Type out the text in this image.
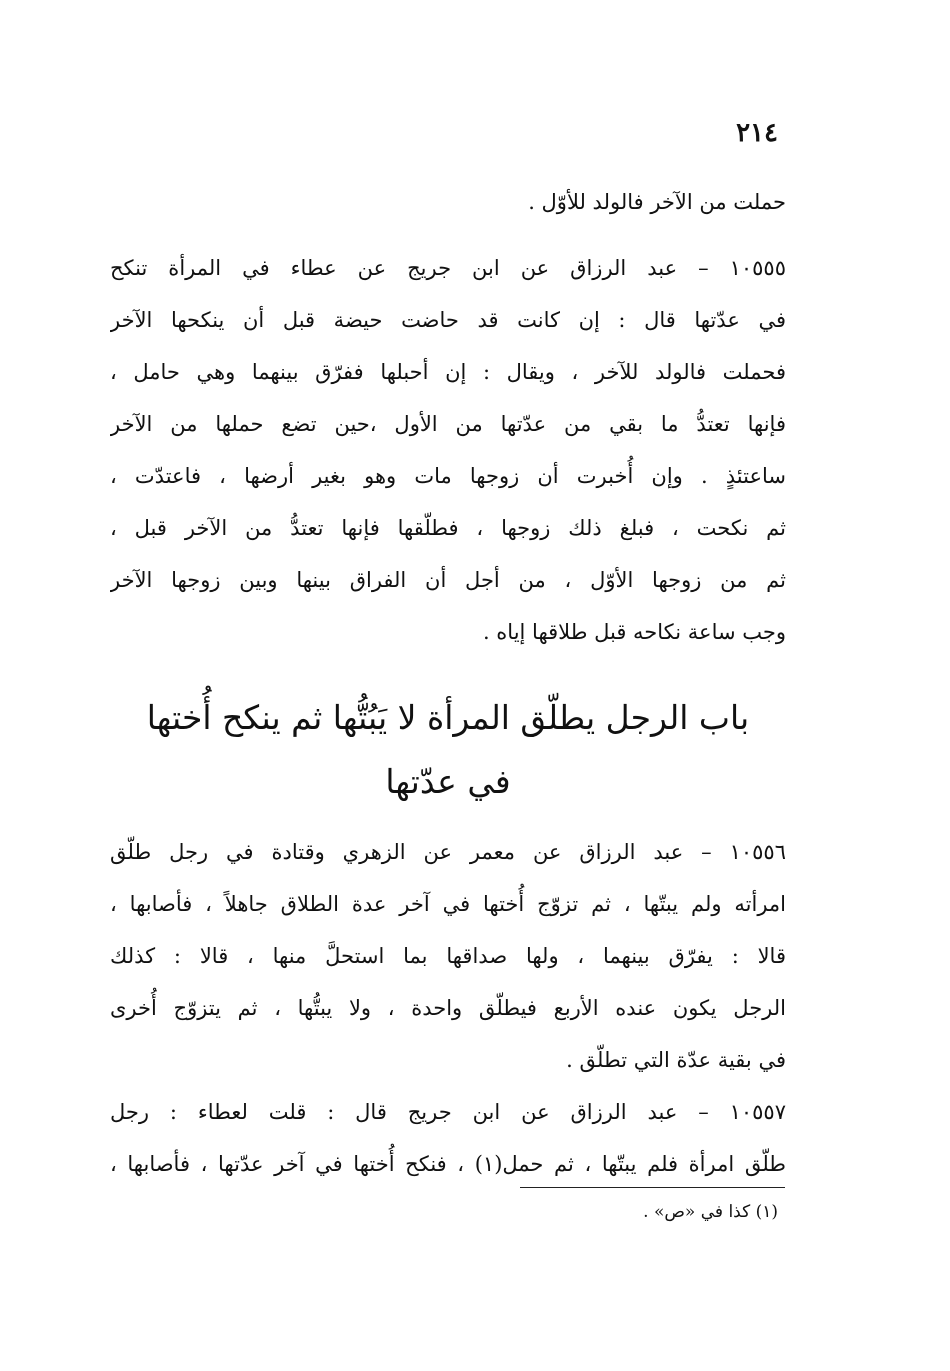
٢١٤
حملت من الآخر فالولد للأوّل .
١٠٥٥٥ – عبد الرزاق عن ابن جريج عن عطاء في المرأة تنكح
في عدّتها قال : إن كانت قد حاضت حيضة قبل أن ينكحها الآخر
فحملت فالولد للآخر ، ويقال : إن أحبلها ففرّق بينهما وهي حامل ،
فإنها تعتدُّ ما بقي من عدّتها من الأول ،حين تضع حملها من الآخر
ساعتئذٍ . وإن أُخبرت أن زوجها مات وهو بغير أرضها ، فاعتدّت ،
ثم نكحت ، فبلغ ذلك زوجها ، فطلّقها فإنها تعتدُّ من الآخر قبل ،
ثم من زوجها الأوّل ، من أجل أن الفراق بينها وبين زوجها الآخر
وجب ساعة نكاحه قبل طلاقها إياه .
باب الرجل يطلّق المرأة لا يَبُتُّها ثم ينكح أُختها
في عدّتها
١٠٥٥٦ – عبد الرزاق عن معمر عن الزهري وقتادة في رجل طلّق
امرأته ولم يبتّها ، ثم تزوّج أُختها في آخر عدة الطلاق جاهلاً ، فأصابها ،
قالا : يفرّق بينهما ، ولها صداقها بما استحلَّ منها ، قالا : كذلك
الرجل يكون عنده الأربع فيطلّق واحدة ، ولا يبتُّها ، ثم يتزوّج أُخرى
في بقية عدّة التي تطلّق .
١٠٥٥٧ – عبد الرزاق عن ابن جريج قال : قلت لعطاء : رجل
طلّق امرأة فلم يبتّها ، ثم حمل(١) ، فنكح أُختها في آخر عدّتها ، فأصابها ،
(١) كذا في «ص» .
